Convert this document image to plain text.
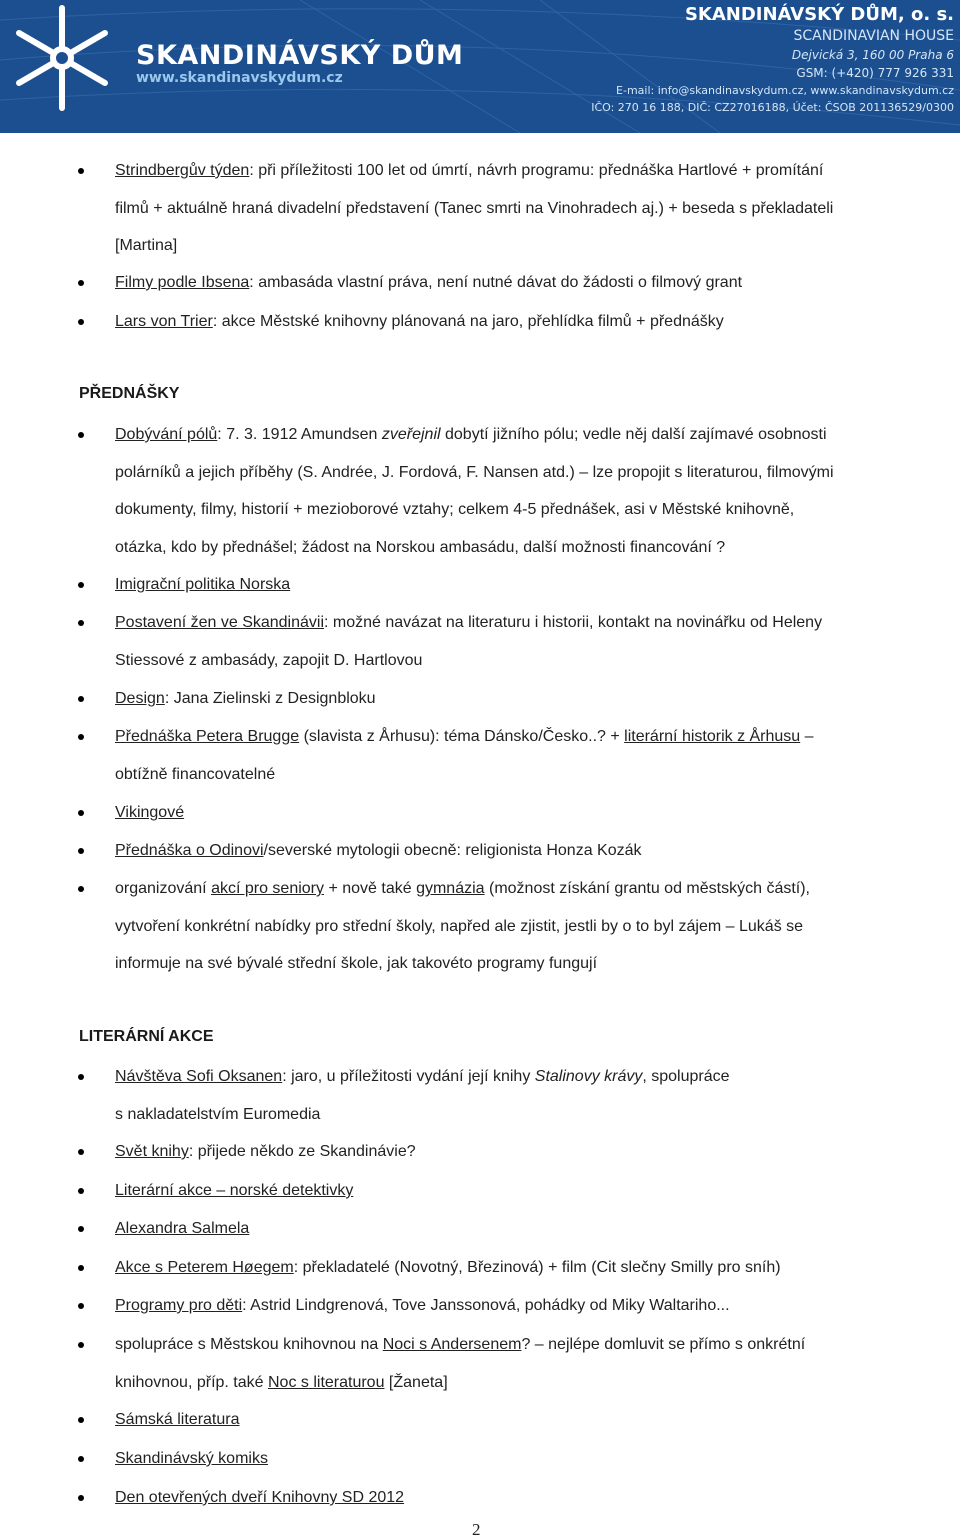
SKANDINÁVSKÝ DŮM
www.skandinavskydum.cz
SKANDINÁVSKÝ DŮM, o. s.
SCANDINAVIAN HOUSE
Dejvická 3, 160 00 Praha 6
GSM: (+420) 777 926 331
E-mail: info@skandinavskydum.cz, www.skandinavskydum.cz
IČO: 270 16 188, DIČ: CZ27016188, Účet: ČSOB 201136529/0300
Strindbergův týden: při příležitosti 100 let od úmrtí, návrh programu: přednáška Hartlové + promítání
filmů + aktuálně hraná divadelní představení (Tanec smrti na Vinohradech aj.) + beseda s překladateli
[Martina]
Filmy podle Ibsena: ambasáda vlastní práva, není nutné dávat do žádosti o filmový grant
Lars von Trier: akce Městské knihovny plánovaná na jaro, přehlídka filmů + přednášky
PŘEDNÁŠKY
Dobývání pólů: 7. 3. 1912 Amundsen zveřejnil dobytí jižního pólu; vedle něj další zajímavé osobnosti
polárníků a jejich příběhy (S. Andrée, J. Fordová, F. Nansen atd.) – lze propojit s literaturou, filmovými
dokumenty, filmy, historií + mezioborové vztahy; celkem 4-5 přednášek, asi v Městské knihovně,
otázka, kdo by přednášel; žádost na Norskou ambasádu, další možnosti financování ?
Imigrační politika Norska
Postavení žen ve Skandinávii: možné navázat na literaturu i historii, kontakt na novinářku od Heleny
Stiessové z ambasády, zapojit D. Hartlovou
Design: Jana Zielinski z Designbloku
Přednáška Petera Brugge (slavista z Århusu): téma Dánsko/Česko..? + literární historik z Århusu –
obtížně financovatelné
Vikingové
Přednáška o Odinovi/severské mytologii obecně: religionista Honza Kozák
organizování akcí pro seniory + nově také gymnázia (možnost získání grantu od městských částí),
vytvoření konkrétní nabídky pro střední školy, napřed ale zjistit, jestli by o to byl zájem – Lukáš se
informuje na své bývalé střední škole, jak takovéto programy fungují
LITERÁRNÍ AKCE
Návštěva Sofi Oksanen: jaro, u příležitosti vydání její knihy Stalinovy krávy, spolupráce
s nakladatelstvím Euromedia
Svět knihy: přijede někdo ze Skandinávie?
Literární akce – norské detektivky
Alexandra Salmela
Akce s Peterem Høegem: překladatelé (Novotný, Březinová) + film (Cit slečny Smilly pro sníh)
Programy pro děti: Astrid Lindgrenová, Tove Janssonová, pohádky od Miky Waltariho...
spolupráce s Městskou knihovnou na Noci s Andersenem? – nejlépe domluvit se přímo s onkrétní
knihovnou, příp. také Noc s literaturou [Žaneta]
Sámská literatura
Skandinávský komiks
Den otevřených dveří Knihovny SD 2012
2
